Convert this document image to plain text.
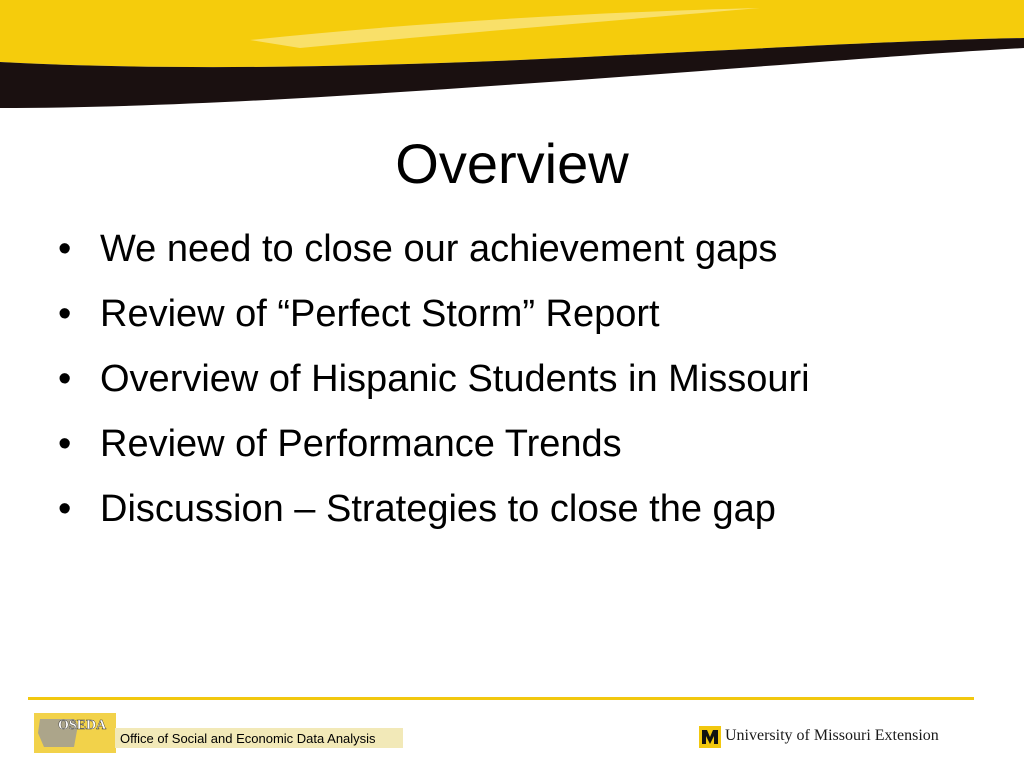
Overview
• We need to close our achievement gaps
• Review of “Perfect Storm” Report
• Overview of Hispanic Students in Missouri
• Review of Performance Trends
• Discussion – Strategies to close the gap
OSEDA
Office of Social and Economic Data Analysis	University of Missouri Extension
